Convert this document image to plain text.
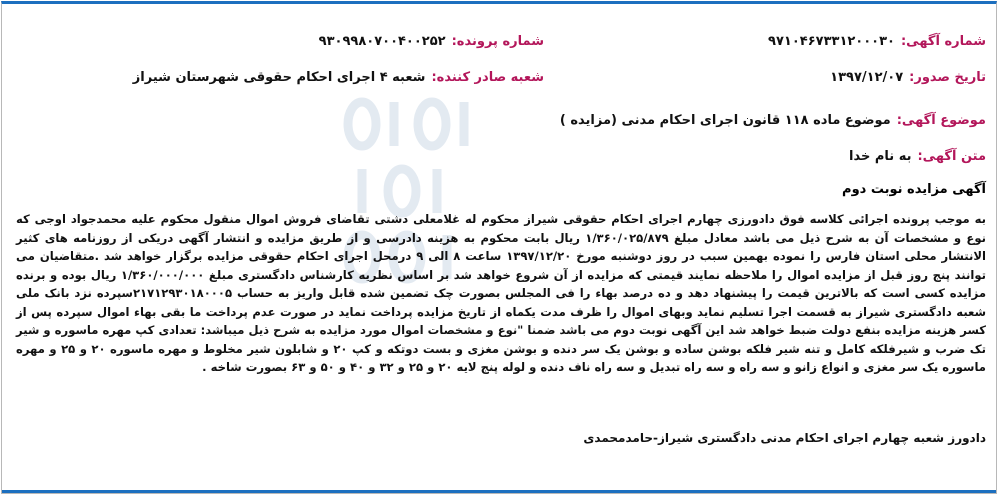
شماره آگهی:۹۷۱۰۴۶۷۳۳۱۲۰۰۰۳۰
شماره پرونده:۹۳۰۹۹۸۰۷۰۰۴۰۰۲۵۲
تاریخ صدور:۱۳۹۷/۱۲/۰۷
شعبه صادر کننده:شعبه ۴ اجرای احکام حقوقی شهرستان شیراز
موضوع آگهی:موضوع ماده ۱۱۸ قانون اجرای احکام مدنی (مزایده )
متن آگهی:به نام خدا
آگهی مزایده نوبت دوم
به موجب پرونده اجرائی کلاسه فوق دادورزی چهارم اجرای احکام حقوقی شیراز محکوم له غلامعلی دشتی تقاضای فروش اموال منقول محکوم علیه محمدجواد اوجی که نوع و مشخصات آن به شرح ذیل می باشد معادل مبلغ ۱/۳۶۰/۰۲۵/۸۷۹ ریال بابت محکوم به هزینه دادرسی و از طریق مزایده و انتشار آگهی دریکی از روزنامه های کثیر الانتشار محلی استان فارس را نموده بهمین سبب در روز دوشنبه مورخ ۱۳۹۷/۱۲/۲۰ ساعت ۸ الی ۹ درمحل اجرای احکام حقوقی مزایده برگزار خواهد شد .متقاضیان می توانند پنج روز قبل از مزایده اموال را ملاحظه نمایند قیمتی که مزایده از آن شروع خواهد شد بر اساس نظریه کارشناس دادگستری مبلغ ۱/۳۶۰/۰۰۰/۰۰۰ ریال بوده و برنده مزایده کسی است که بالاترین قیمت را پیشنهاد دهد و ده درصد بهاء را فی المجلس بصورت چک تضمین شده قابل واریز به حساب ۲۱۷۱۲۹۳۰۱۸۰۰۰۵سپرده نزد بانک ملی شعبه دادگستری شیراز به قسمت اجرا تسلیم نماید وبهای اموال را ظرف مدت یکماه از تاریخ مزایده پرداخت نماید در صورت عدم پرداخت ما بقی بهاء اموال سپرده پس از کسر هزینه مزایده بنفع دولت ضبط خواهد شد این آگهی نوبت دوم می باشد ضمنا "نوع و مشخصات اموال مورد مزایده به شرح ذیل میباشد: تعدادی کپ مهره ماسوره و شیر تک ضرب و شیرفلکه کامل و تنه شیر فلکه بوشن ساده و بوشن یک سر دنده و بوشن مغزی و بست دوتکه و کپ ۲۰ و شابلون شیر مخلوط و مهره ماسوره ۲۰ و ۲۵ و مهره ماسوره یک سر مغزی و انواع زانو و سه راه و سه راه تبدیل و سه راه ناف دنده و لوله پنج لایه ۲۰ و ۲۵ و ۳۲ و ۴۰ و ۵۰ و ۶۳ بصورت شاخه .
دادورز شعبه چهارم اجرای احکام مدنی دادگستری شیراز-حامدمحمدی
